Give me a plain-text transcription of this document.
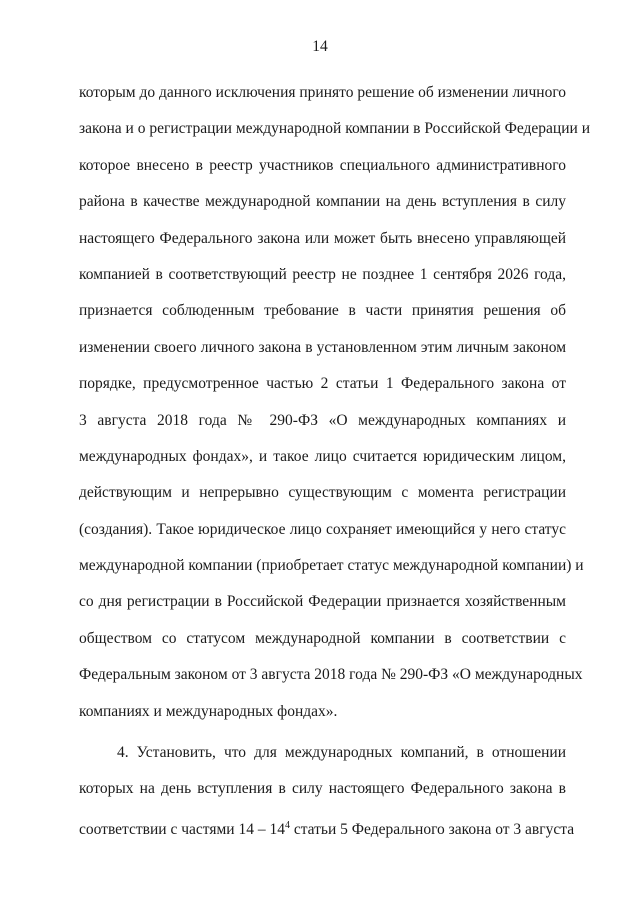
14
которым до данного исключения принято решение об изменении личного
закона и о регистрации международной компании в Российской Федерации и
которое внесено в реестр участников специального административного
района в качестве международной компании на день вступления в силу
настоящего Федерального закона или может быть внесено управляющей
компанией в соответствующий реестр не позднее 1 сентября 2026 года,
признается соблюденным требование в части принятия решения об
изменении своего личного закона в установленном этим личным законом
порядке, предусмотренное частью 2 статьи 1 Федерального закона от
3 августа 2018 года № 290-ФЗ «О международных компаниях и
международных фондах», и такое лицо считается юридическим лицом,
действующим и непрерывно существующим с момента регистрации
(создания). Такое юридическое лицо сохраняет имеющийся у него статус
международной компании (приобретает статус международной компании) и
со дня регистрации в Российской Федерации признается хозяйственным
обществом со статусом международной компании в соответствии с
Федеральным законом от 3 августа 2018 года № 290-ФЗ «О международных
компаниях и международных фондах».
4. Установить, что для международных компаний, в отношении
которых на день вступления в силу настоящего Федерального закона в
соответствии с частями $14 - 14^4$ статьи 5 Федерального закона от 3 августа
